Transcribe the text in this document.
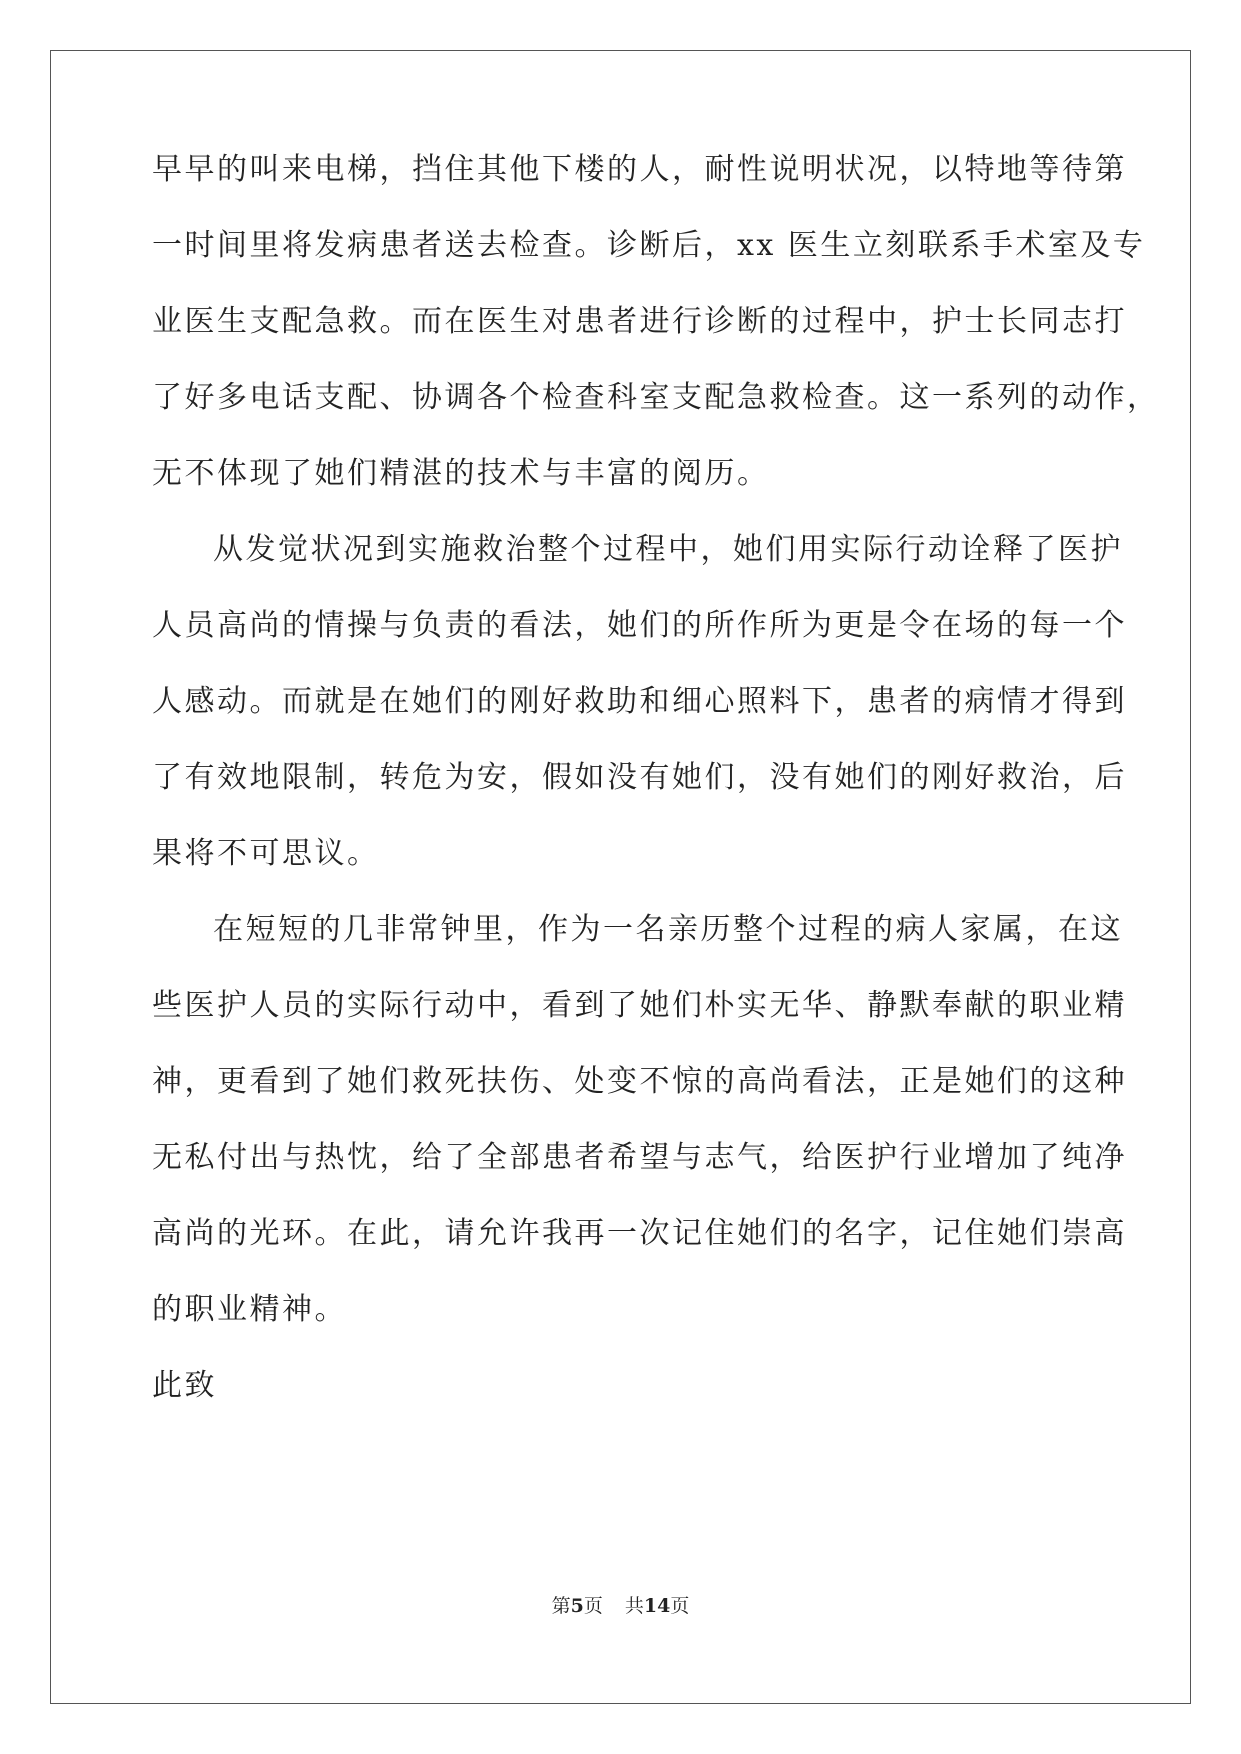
早早的叫来电梯，挡住其他下楼的人，耐性说明状况，以特地等待第
一时间里将发病患者送去检查。诊断后，xx 医生立刻联系手术室及专
业医生支配急救。而在医生对患者进行诊断的过程中，护士长同志打
了好多电话支配、协调各个检查科室支配急救检查。这一系列的动作，
无不体现了她们精湛的技术与丰富的阅历。
从发觉状况到实施救治整个过程中，她们用实际行动诠释了医护
人员高尚的情操与负责的看法，她们的所作所为更是令在场的每一个
人感动。而就是在她们的刚好救助和细心照料下，患者的病情才得到
了有效地限制，转危为安，假如没有她们，没有她们的刚好救治，后
果将不可思议。
在短短的几非常钟里，作为一名亲历整个过程的病人家属，在这
些医护人员的实际行动中，看到了她们朴实无华、静默奉献的职业精
神，更看到了她们救死扶伤、处变不惊的高尚看法，正是她们的这种
无私付出与热忱，给了全部患者希望与志气，给医护行业增加了纯净
高尚的光环。在此，请允许我再一次记住她们的名字，记住她们崇高
的职业精神。
此致
第5页 共14页
